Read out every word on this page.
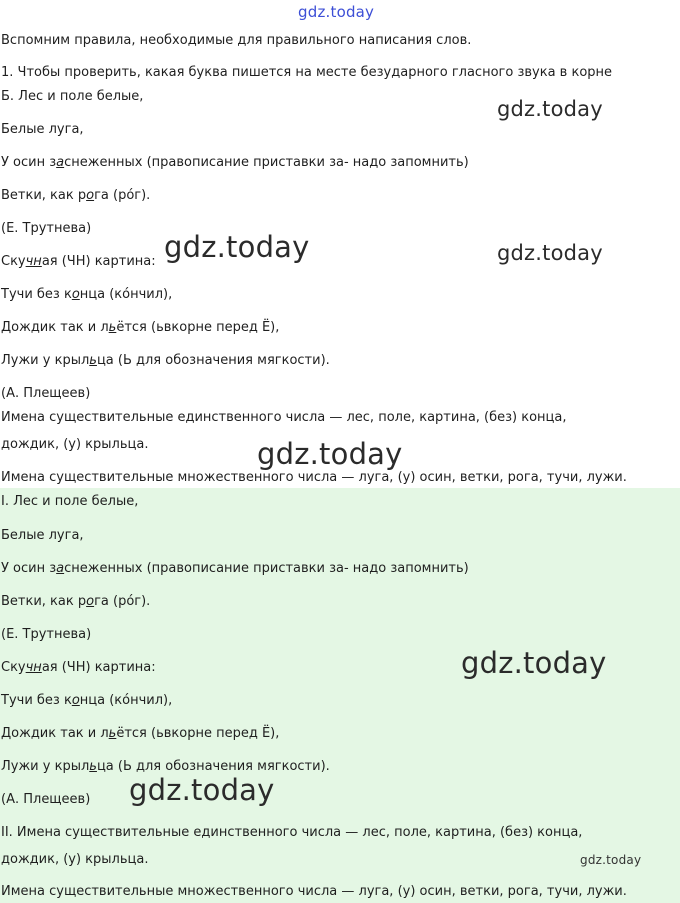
gdz.today
Вспомним правила, необходимые для правильного написания слов.
1. Чтобы проверить, какая буква пишется на месте безударного гласного звука в корне
Б. Лес и поле белые,
Белые луга,
У осин заснеженных (правописание приставки за- надо запомнить)
Ветки, как рога (ро́г).
(Е. Трутнева)
Скучная (ЧН) картина:
Тучи без конца (ко́нчил),
Дождик так и льётся (ьвкорне перед Ё),
Лужи у крыльца (Ь для обозначения мягкости).
(А. Плещеев)
Имена существительные единственного числа — лес, поле, картина, (без) конца,
дождик, (у) крыльца.
Имена существительные множественного числа — луга, (у) осин, ветки, рога, тучи, лужи.
I. Лес и поле белые,
Белые луга,
У осин заснеженных (правописание приставки за- надо запомнить)
Ветки, как рога (ро́г).
(Е. Трутнева)
Скучная (ЧН) картина:
Тучи без конца (ко́нчил),
Дождик так и льётся (ьвкорне перед Ё),
Лужи у крыльца (Ь для обозначения мягкости).
(А. Плещеев)
II. Имена существительные единственного числа — лес, поле, картина, (без) конца,
дождик, (у) крыльца.
Имена существительные множественного числа — луга, (у) осин, ветки, рога, тучи, лужи.
gdz.today
gdz.today	gdz.today
gdz.today
gdz.today
gdz.today
gdz.today
